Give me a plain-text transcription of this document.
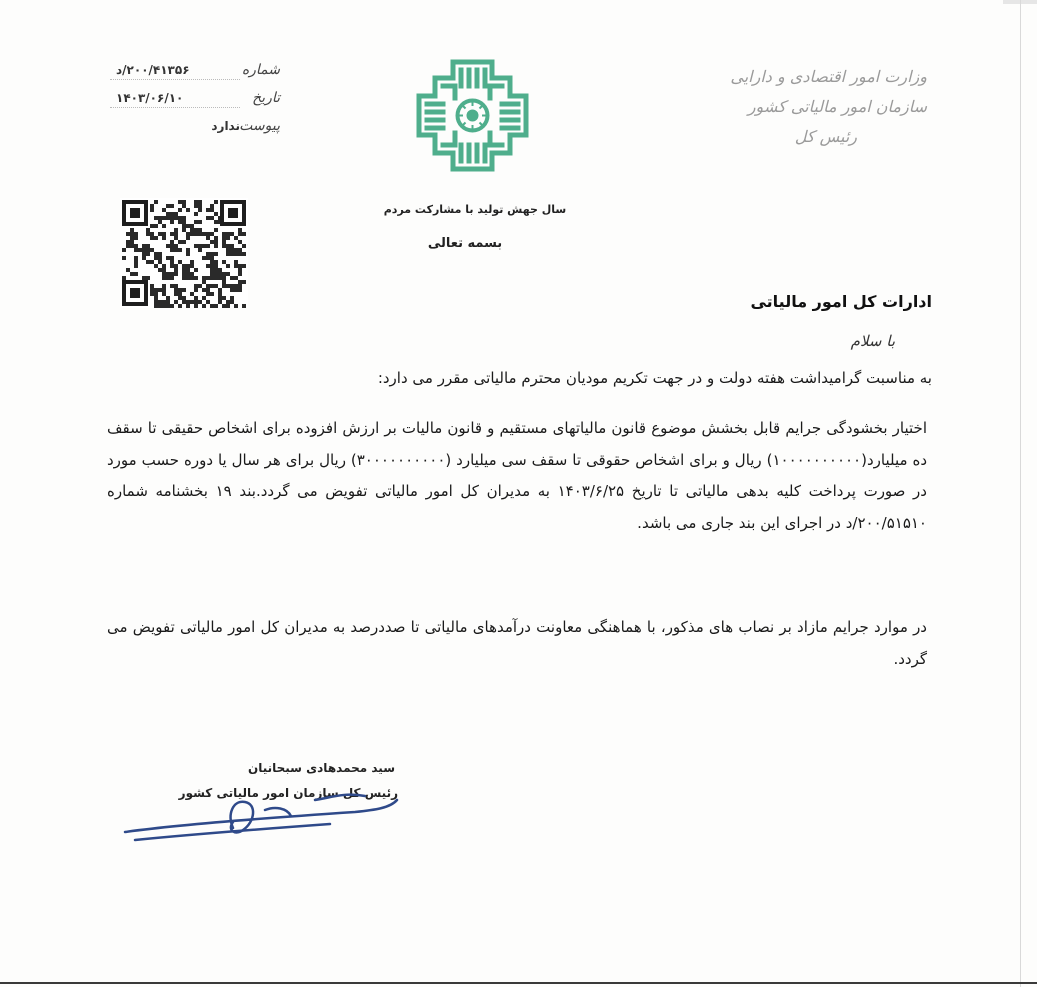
وزارت امور اقتصادی و دارایی
سازمان امور مالیاتی کشور
رئیس کل
سال جهش تولید با مشارکت مردم
بسمه تعالی
شماره
۲۰۰/۴۱۳۵۶/د
تاریخ
۱۴۰۳/۰۶/۱۰
پیوست
ندارد
ادارات کل امور مالیاتی
با سلام
به مناسبت گرامیداشت هفته دولت و در جهت تکریم مودیان محترم مالیاتی مقرر می دارد:
اختیار بخشودگی جرایم قابل بخشش موضوع قانون مالیاتهای مستقیم و قانون مالیات بر ارزش افزوده برای اشخاص حقیقی تا سقف ده میلیارد(۱۰۰۰۰۰۰۰۰۰۰) ریال و برای اشخاص حقوقی تا سقف سی میلیارد (۳۰۰۰۰۰۰۰۰۰۰) ریال برای هر سال یا دوره حسب مورد در صورت پرداخت کلیه بدهی مالیاتی تا تاریخ ۱۴۰۳/۶/۲۵ به مدیران کل امور مالیاتی تفویض می گردد.بند ۱۹ بخشنامه شماره ۲۰۰/۵۱۵۱۰/د در اجرای این بند جاری می باشد.
در موارد جرایم مازاد بر نصاب های مذکور، با هماهنگی معاونت درآمدهای مالیاتی تا صددرصد به مدیران کل امور مالیاتی تفویض می گردد.
سید محمدهادی سبحانیان
رئیس کل سازمان امور مالیاتی کشور
